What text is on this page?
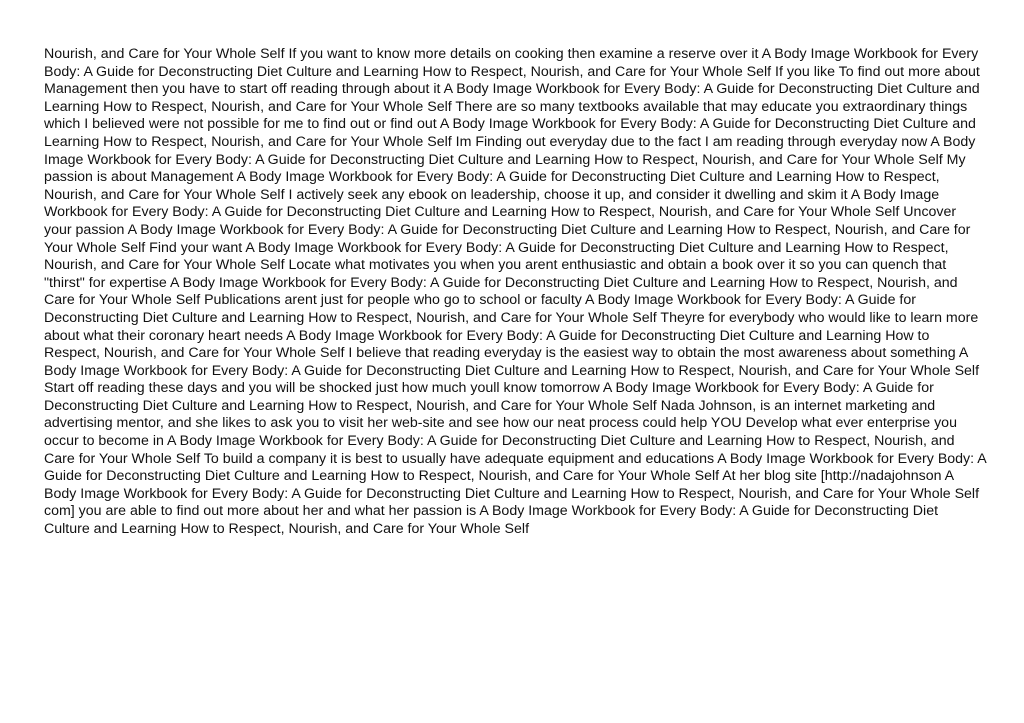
Nourish, and Care for Your Whole Self If you want to know more details on cooking then examine a reserve over it A Body Image Workbook for Every Body: A Guide for Deconstructing Diet Culture and Learning How to Respect, Nourish, and Care for Your Whole Self If you like To find out more about Management then you have to start off reading through about it A Body Image Workbook for Every Body: A Guide for Deconstructing Diet Culture and Learning How to Respect, Nourish, and Care for Your Whole Self There are so many textbooks available that may educate you extraordinary things which I believed were not possible for me to find out or find out A Body Image Workbook for Every Body: A Guide for Deconstructing Diet Culture and Learning How to Respect, Nourish, and Care for Your Whole Self Im Finding out everyday due to the fact I am reading through everyday now A Body Image Workbook for Every Body: A Guide for Deconstructing Diet Culture and Learning How to Respect, Nourish, and Care for Your Whole Self My passion is about Management A Body Image Workbook for Every Body: A Guide for Deconstructing Diet Culture and Learning How to Respect, Nourish, and Care for Your Whole Self I actively seek any ebook on leadership, choose it up, and consider it dwelling and skim it A Body Image Workbook for Every Body: A Guide for Deconstructing Diet Culture and Learning How to Respect, Nourish, and Care for Your Whole Self Uncover your passion A Body Image Workbook for Every Body: A Guide for Deconstructing Diet Culture and Learning How to Respect, Nourish, and Care for Your Whole Self Find your want A Body Image Workbook for Every Body: A Guide for Deconstructing Diet Culture and Learning How to Respect, Nourish, and Care for Your Whole Self Locate what motivates you when you arent enthusiastic and obtain a book over it so you can quench that "thirst" for expertise A Body Image Workbook for Every Body: A Guide for Deconstructing Diet Culture and Learning How to Respect, Nourish, and Care for Your Whole Self Publications arent just for people who go to school or faculty A Body Image Workbook for Every Body: A Guide for Deconstructing Diet Culture and Learning How to Respect, Nourish, and Care for Your Whole Self Theyre for everybody who would like to learn more about what their coronary heart needs A Body Image Workbook for Every Body: A Guide for Deconstructing Diet Culture and Learning How to Respect, Nourish, and Care for Your Whole Self I believe that reading everyday is the easiest way to obtain the most awareness about something A Body Image Workbook for Every Body: A Guide for Deconstructing Diet Culture and Learning How to Respect, Nourish, and Care for Your Whole Self Start off reading these days and you will be shocked just how much youll know tomorrow A Body Image Workbook for Every Body: A Guide for Deconstructing Diet Culture and Learning How to Respect, Nourish, and Care for Your Whole Self Nada Johnson, is an internet marketing and advertising mentor, and she likes to ask you to visit her web-site and see how our neat process could help YOU Develop what ever enterprise you occur to become in A Body Image Workbook for Every Body: A Guide for Deconstructing Diet Culture and Learning How to Respect, Nourish, and Care for Your Whole Self To build a company it is best to usually have adequate equipment and educations A Body Image Workbook for Every Body: A Guide for Deconstructing Diet Culture and Learning How to Respect, Nourish, and Care for Your Whole Self At her blog site [http://nadajohnson A Body Image Workbook for Every Body: A Guide for Deconstructing Diet Culture and Learning How to Respect, Nourish, and Care for Your Whole Self com] you are able to find out more about her and what her passion is A Body Image Workbook for Every Body: A Guide for Deconstructing Diet Culture and Learning How to Respect, Nourish, and Care for Your Whole Self
